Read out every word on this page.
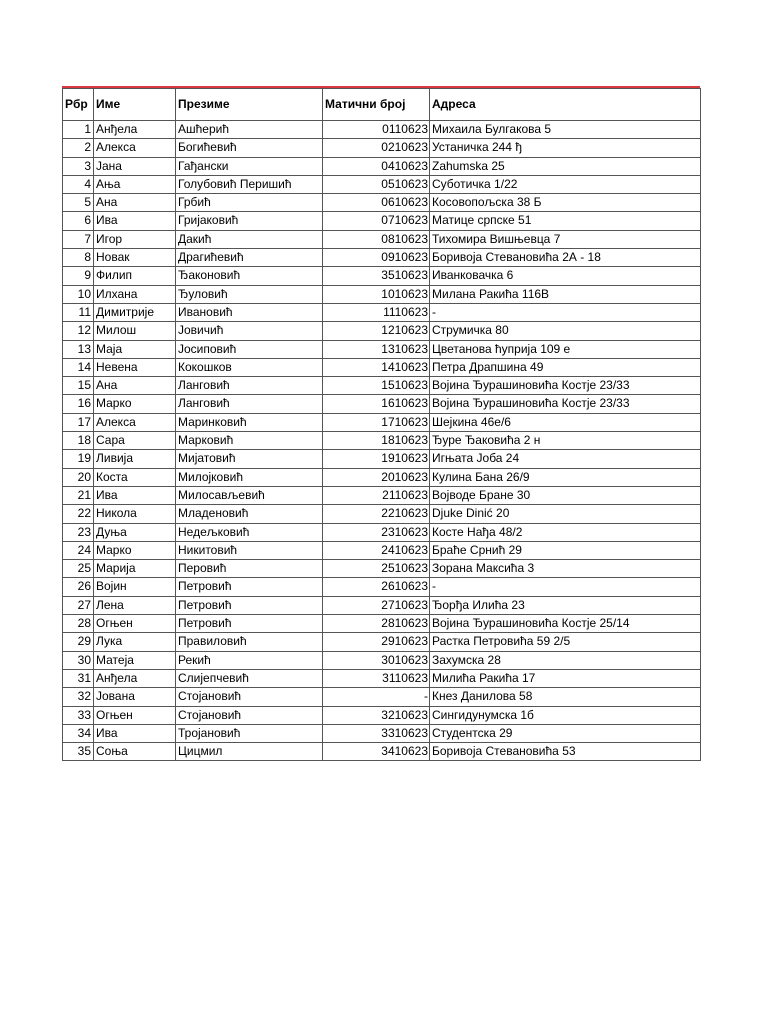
Рбр	Име	Презиме	Матични број	Адреса
1	Анђела	Ашћерић	0110623	Михаила Булгакова 5
2	Алекса	Богићевић	0210623	Устаничка 244 ђ
3	Јана	Гађански	0410623	Zahumska 25
4	Ања	Голубовић Перишић	0510623	Суботичка 1/22
5	Ана	Грбић	0610623	Косовопољска 38 Б
6	Ива	Гријаковић	0710623	Матице српске 51
7	Игор	Дакић	0810623	Тихомира Вишњевца 7
8	Новак	Драгићевић	0910623	Боривоја Стевановића 2А - 18
9	Филип	Ђаконовић	3510623	Иванковачка 6
10	Илхана	Ђуловић	1010623	Милана Ракића 116В
11	Димитрије	Ивановић	1110623	-
12	Милош	Јовичић	1210623	Струмичка 80
13	Маја	Јосиповић	1310623	Цветанова ћуприја 109 е
14	Невена	Кокошков	1410623	Петра Драпшина 49
15	Ана	Ланговић	1510623	Војина Ђурашиновића Костје 23/33
16	Марко	Ланговић	1610623	Војина Ђурашиновића Костје 23/33
17	Алекса	Маринковић	1710623	Шејкина 46е/6
18	Сара	Марковић	1810623	Ђуре Ђаковића 2 н
19	Ливија	Мијатовић	1910623	Игњата Јоба 24
20	Коста	Милојковић	2010623	Кулина Бана 26/9
21	Ива	Милосављевић	2110623	Војводе Бране 30
22	Никола	Младеновић	2210623	Djuke Dinić 20
23	Дуња	Недељковић	2310623	Косте Нађа 48/2
24	Марко	Никитовић	2410623	Браће Срнић 29
25	Марија	Перовић	2510623	Зорана Максића 3
26	Војин	Петровић	2610623	-
27	Лена	Петровић	2710623	Ђорђа Илића 23
28	Огњен	Петровић	2810623	Војина Ђурашиновића Костје 25/14
29	Лука	Правиловић	2910623	Растка Петровића 59 2/5
30	Матеја	Рекић	3010623	Захумска 28
31	Анђела	Слијепчевић	3110623	Милића Ракића 17
32	Јована	Стојановић	-	Кнез Данилова 58
33	Огњен	Стојановић	3210623	Сингидунумска 1б
34	Ива	Тројановић	3310623	Студентска 29
35	Соња	Цицмил	3410623	Боривоја Стевановића 53
